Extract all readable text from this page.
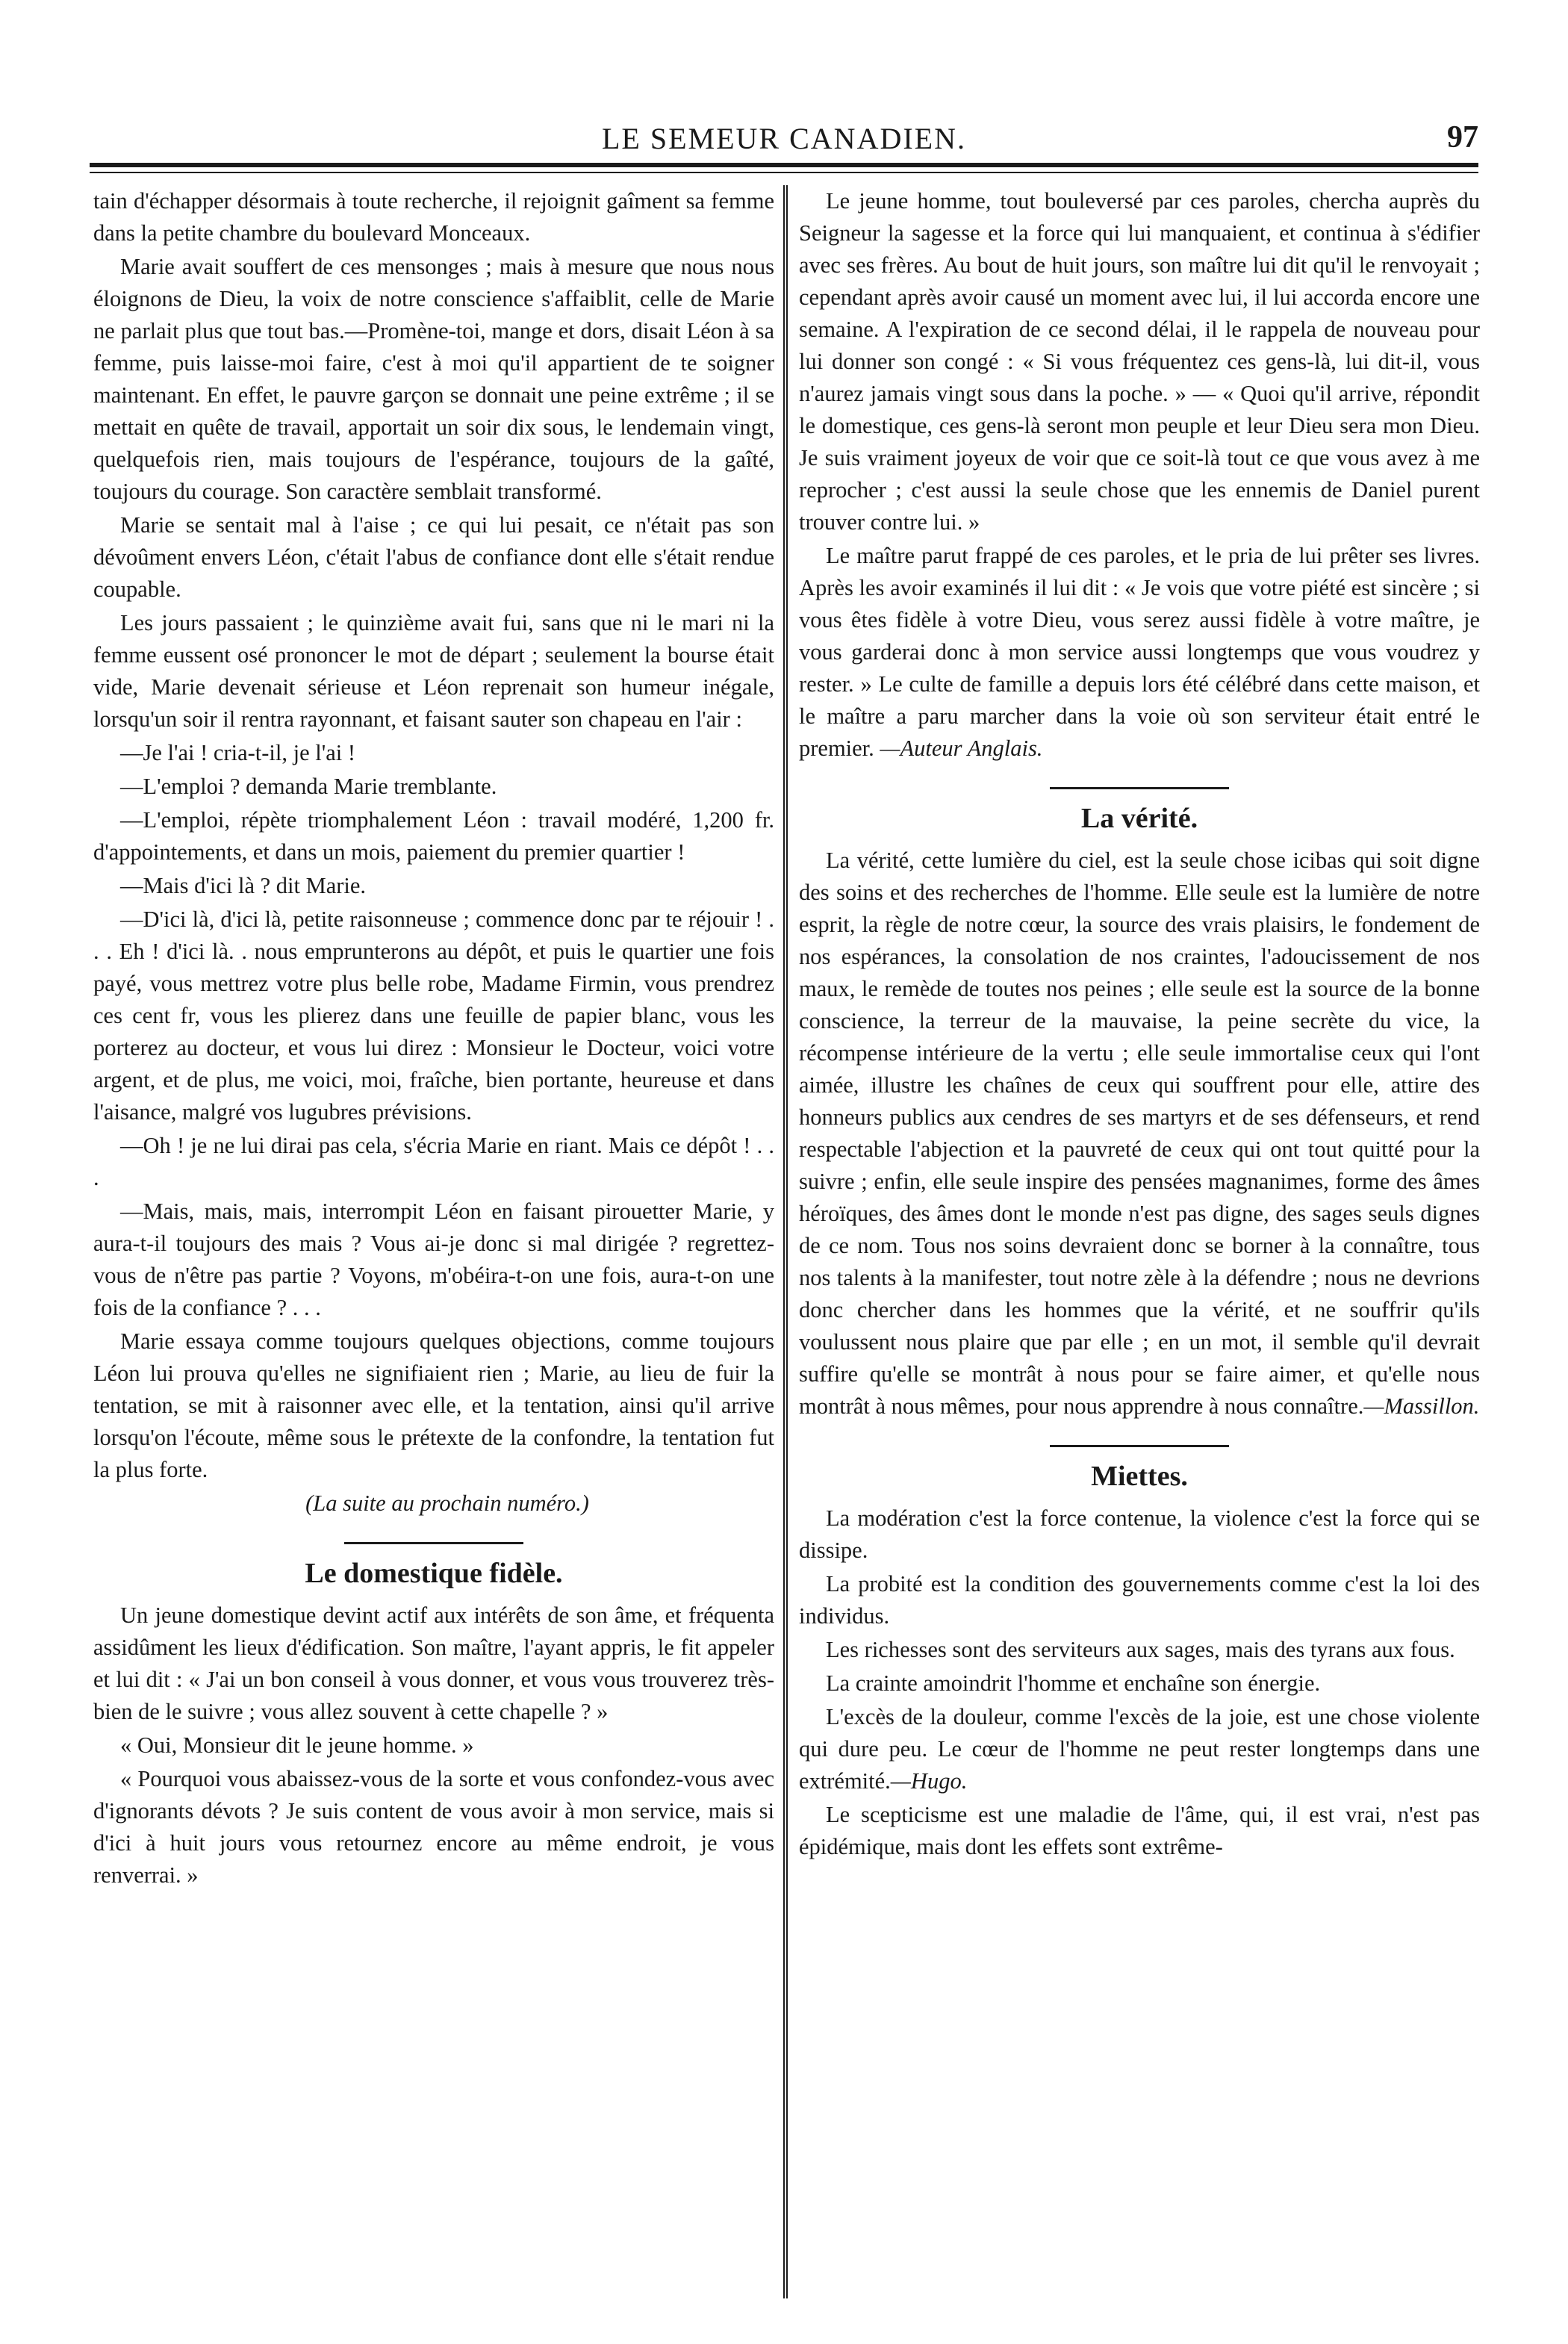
LE SEMEUR CANADIEN.	97

tain d'échapper désormais à toute recherche, il rejoignit gaîment sa femme dans la petite chambre du boulevard Monceaux.

Marie avait souffert de ces mensonges ; mais à mesure que nous nous éloignons de Dieu, la voix de notre conscience s'affaiblit, celle de Marie ne parlait plus que tout bas.—Promène-toi, mange et dors, disait Léon à sa femme, puis laisse-moi faire, c'est à moi qu'il appartient de te soigner maintenant. En effet, le pauvre garçon se donnait une peine extrême ; il se mettait en quête de travail, apportait un soir dix sous, le lendemain vingt, quelquefois rien, mais toujours de l'espérance, toujours de la gaîté, toujours du courage. Son caractère semblait transformé.

Marie se sentait mal à l'aise ; ce qui lui pesait, ce n'était pas son dévoûment envers Léon, c'était l'abus de confiance dont elle s'était rendue coupable.

Les jours passaient ; le quinzième avait fui, sans que ni le mari ni la femme eussent osé prononcer le mot de départ ; seulement la bourse était vide, Marie devenait sérieuse et Léon reprenait son humeur inégale, lorsqu'un soir il rentra rayonnant, et faisant sauter son chapeau en l'air :

—Je l'ai ! cria-t-il, je l'ai !

—L'emploi ? demanda Marie tremblante.

—L'emploi, répète triomphalement Léon : travail modéré, 1,200 fr. d'appointements, et dans un mois, paiement du premier quartier !

—Mais d'ici là ? dit Marie.

—D'ici là, d'ici là, petite raisonneuse ; commence donc par te réjouir ! . . . Eh ! d'ici là. . nous emprunterons au dépôt, et puis le quartier une fois payé, vous mettrez votre plus belle robe, Madame Firmin, vous prendrez ces cent fr, vous les plierez dans une feuille de papier blanc, vous les porterez au docteur, et vous lui direz : Monsieur le Docteur, voici votre argent, et de plus, me voici, moi, fraîche, bien portante, heureuse et dans l'aisance, malgré vos lugubres prévisions.

—Oh ! je ne lui dirai pas cela, s'écria Marie en riant. Mais ce dépôt ! . . .

—Mais, mais, mais, interrompit Léon en faisant pirouetter Marie, y aura-t-il toujours des mais ? Vous ai-je donc si mal dirigée ? regrettez-vous de n'être pas partie ? Voyons, m'obéira-t-on une fois, aura-t-on une fois de la confiance ? . . .

Marie essaya comme toujours quelques objections, comme toujours Léon lui prouva qu'elles ne signifiaient rien ; Marie, au lieu de fuir la tentation, se mit à raisonner avec elle, et la tentation, ainsi qu'il arrive lorsqu'on l'écoute, même sous le prétexte de la confondre, la tentation fut la plus forte.

(La suite au prochain numéro.)

Le domestique fidèle.

Un jeune domestique devint actif aux intérêts de son âme, et fréquenta assidûment les lieux d'édification. Son maître, l'ayant appris, le fit appeler et lui dit : « J'ai un bon conseil à vous donner, et vous vous trouverez très-bien de le suivre ; vous allez souvent à cette chapelle ? »

« Oui, Monsieur dit le jeune homme. »

« Pourquoi vous abaissez-vous de la sorte et vous confondez-vous avec d'ignorants dévots ? Je suis content de vous avoir à mon service, mais si d'ici à huit jours vous retournez encore au même endroit, je vous renverrai. »

Le jeune homme, tout bouleversé par ces paroles, chercha auprès du Seigneur la sagesse et la force qui lui manquaient, et continua à s'édifier avec ses frères. Au bout de huit jours, son maître lui dit qu'il le renvoyait ; cependant après avoir causé un moment avec lui, il lui accorda encore une semaine. A l'expiration de ce second délai, il le rappela de nouveau pour lui donner son congé : « Si vous fréquentez ces gens-là, lui dit-il, vous n'aurez jamais vingt sous dans la poche. » — « Quoi qu'il arrive, répondit le domestique, ces gens-là seront mon peuple et leur Dieu sera mon Dieu. Je suis vraiment joyeux de voir que ce soit-là tout ce que vous avez à me reprocher ; c'est aussi la seule chose que les ennemis de Daniel purent trouver contre lui. »

Le maître parut frappé de ces paroles, et le pria de lui prêter ses livres. Après les avoir examinés il lui dit : « Je vois que votre piété est sincère ; si vous êtes fidèle à votre Dieu, vous serez aussi fidèle à votre maître, je vous garderai donc à mon service aussi longtemps que vous voudrez y rester. » Le culte de famille a depuis lors été célébré dans cette maison, et le maître a paru marcher dans la voie où son serviteur était entré le premier. —Auteur Anglais.

La vérité.

La vérité, cette lumière du ciel, est la seule chose icibas qui soit digne des soins et des recherches de l'homme. Elle seule est la lumière de notre esprit, la règle de notre cœur, la source des vrais plaisirs, le fondement de nos espérances, la consolation de nos craintes, l'adoucissement de nos maux, le remède de toutes nos peines ; elle seule est la source de la bonne conscience, la terreur de la mauvaise, la peine secrète du vice, la récompense intérieure de la vertu ; elle seule immortalise ceux qui l'ont aimée, illustre les chaînes de ceux qui souffrent pour elle, attire des honneurs publics aux cendres de ses martyrs et de ses défenseurs, et rend respectable l'abjection et la pauvreté de ceux qui ont tout quitté pour la suivre ; enfin, elle seule inspire des pensées magnanimes, forme des âmes héroïques, des âmes dont le monde n'est pas digne, des sages seuls dignes de ce nom. Tous nos soins devraient donc se borner à la connaître, tous nos talents à la manifester, tout notre zèle à la défendre ; nous ne devrions donc chercher dans les hommes que la vérité, et ne souffrir qu'ils voulussent nous plaire que par elle ; en un mot, il semble qu'il devrait suffire qu'elle se montrât à nous pour se faire aimer, et qu'elle nous montrât à nous mêmes, pour nous apprendre à nous connaître.—Massillon.

Miettes.

La modération c'est la force contenue, la violence c'est la force qui se dissipe.

La probité est la condition des gouvernements comme c'est la loi des individus.

Les richesses sont des serviteurs aux sages, mais des tyrans aux fous.

La crainte amoindrit l'homme et enchaîne son énergie.

L'excès de la douleur, comme l'excès de la joie, est une chose violente qui dure peu. Le cœur de l'homme ne peut rester longtemps dans une extrémité.—Hugo.

Le scepticisme est une maladie de l'âme, qui, il est vrai, n'est pas épidémique, mais dont les effets sont extrême-
